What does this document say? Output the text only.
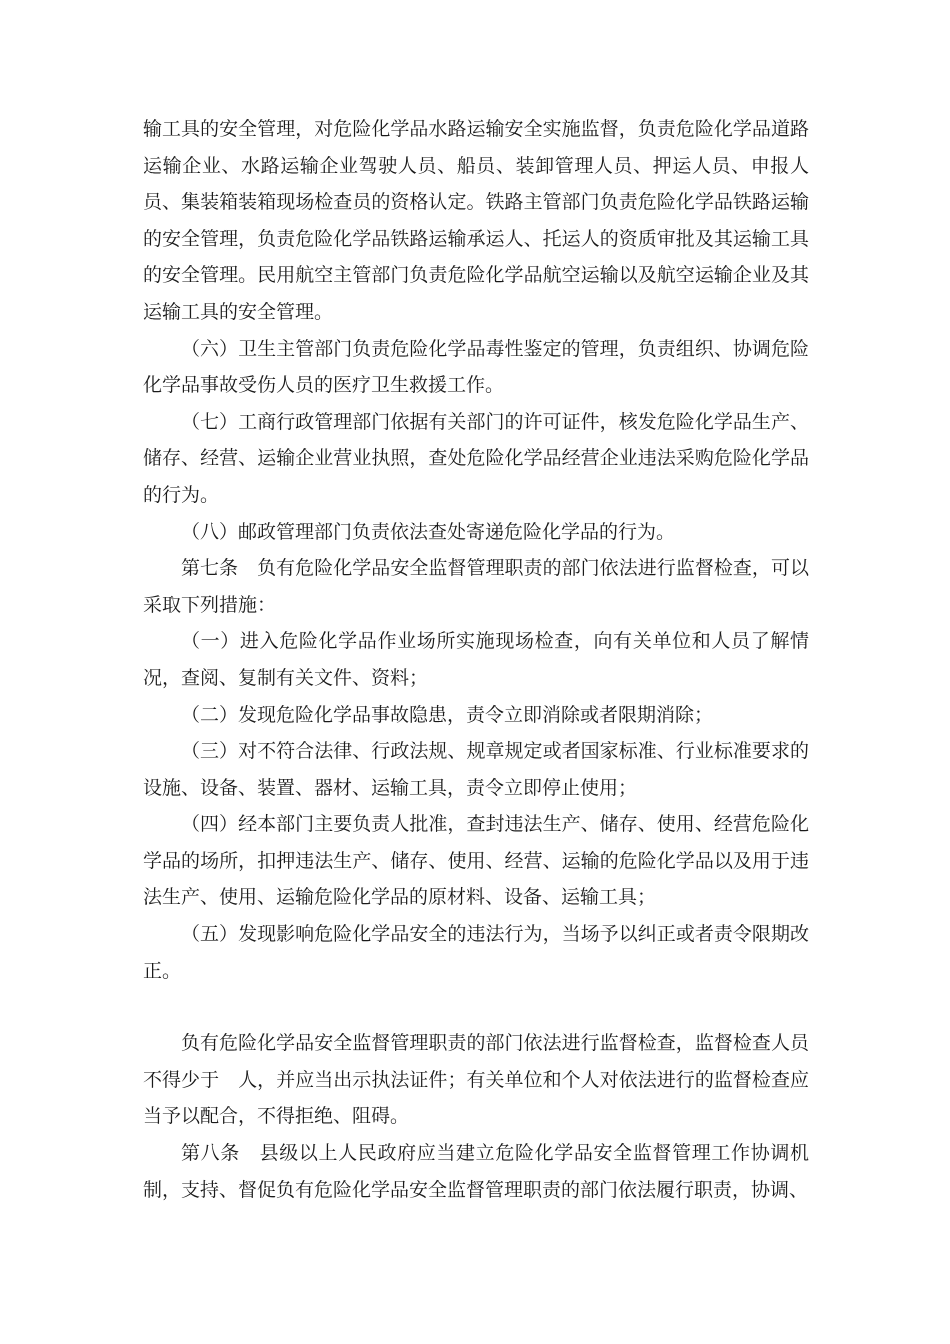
输工具的安全管理，对危险化学品水路运输安全实施监督，负责危险化学品道路运输企业、水路运输企业驾驶人员、船员、装卸管理人员、押运人员、申报人员、集装箱装箱现场检查员的资格认定。铁路主管部门负责危险化学品铁路运输的安全管理，负责危险化学品铁路运输承运人、托运人的资质审批及其运输工具的安全管理。民用航空主管部门负责危险化学品航空运输以及航空运输企业及其运输工具的安全管理。

（六）卫生主管部门负责危险化学品毒性鉴定的管理，负责组织、协调危险化学品事故受伤人员的医疗卫生救援工作。

（七）工商行政管理部门依据有关部门的许可证件，核发危险化学品生产、储存、经营、运输企业营业执照，查处危险化学品经营企业违法采购危险化学品的行为。

（八）邮政管理部门负责依法查处寄递危险化学品的行为。

第七条　负有危险化学品安全监督管理职责的部门依法进行监督检查，可以采取下列措施：

（一）进入危险化学品作业场所实施现场检查，向有关单位和人员了解情况，查阅、复制有关文件、资料；

（二）发现危险化学品事故隐患，责令立即消除或者限期消除；

（三）对不符合法律、行政法规、规章规定或者国家标准、行业标准要求的设施、设备、装置、器材、运输工具，责令立即停止使用；

（四）经本部门主要负责人批准，查封违法生产、储存、使用、经营危险化学品的场所，扣押违法生产、储存、使用、经营、运输的危险化学品以及用于违法生产、使用、运输危险化学品的原材料、设备、运输工具；

（五）发现影响危险化学品安全的违法行为，当场予以纠正或者责令限期改正。

负有危险化学品安全监督管理职责的部门依法进行监督检查，监督检查人员不得少于　人，并应当出示执法证件；有关单位和个人对依法进行的监督检查应当予以配合，不得拒绝、阻碍。

第八条　县级以上人民政府应当建立危险化学品安全监督管理工作协调机制，支持、督促负有危险化学品安全监督管理职责的部门依法履行职责，协调、
